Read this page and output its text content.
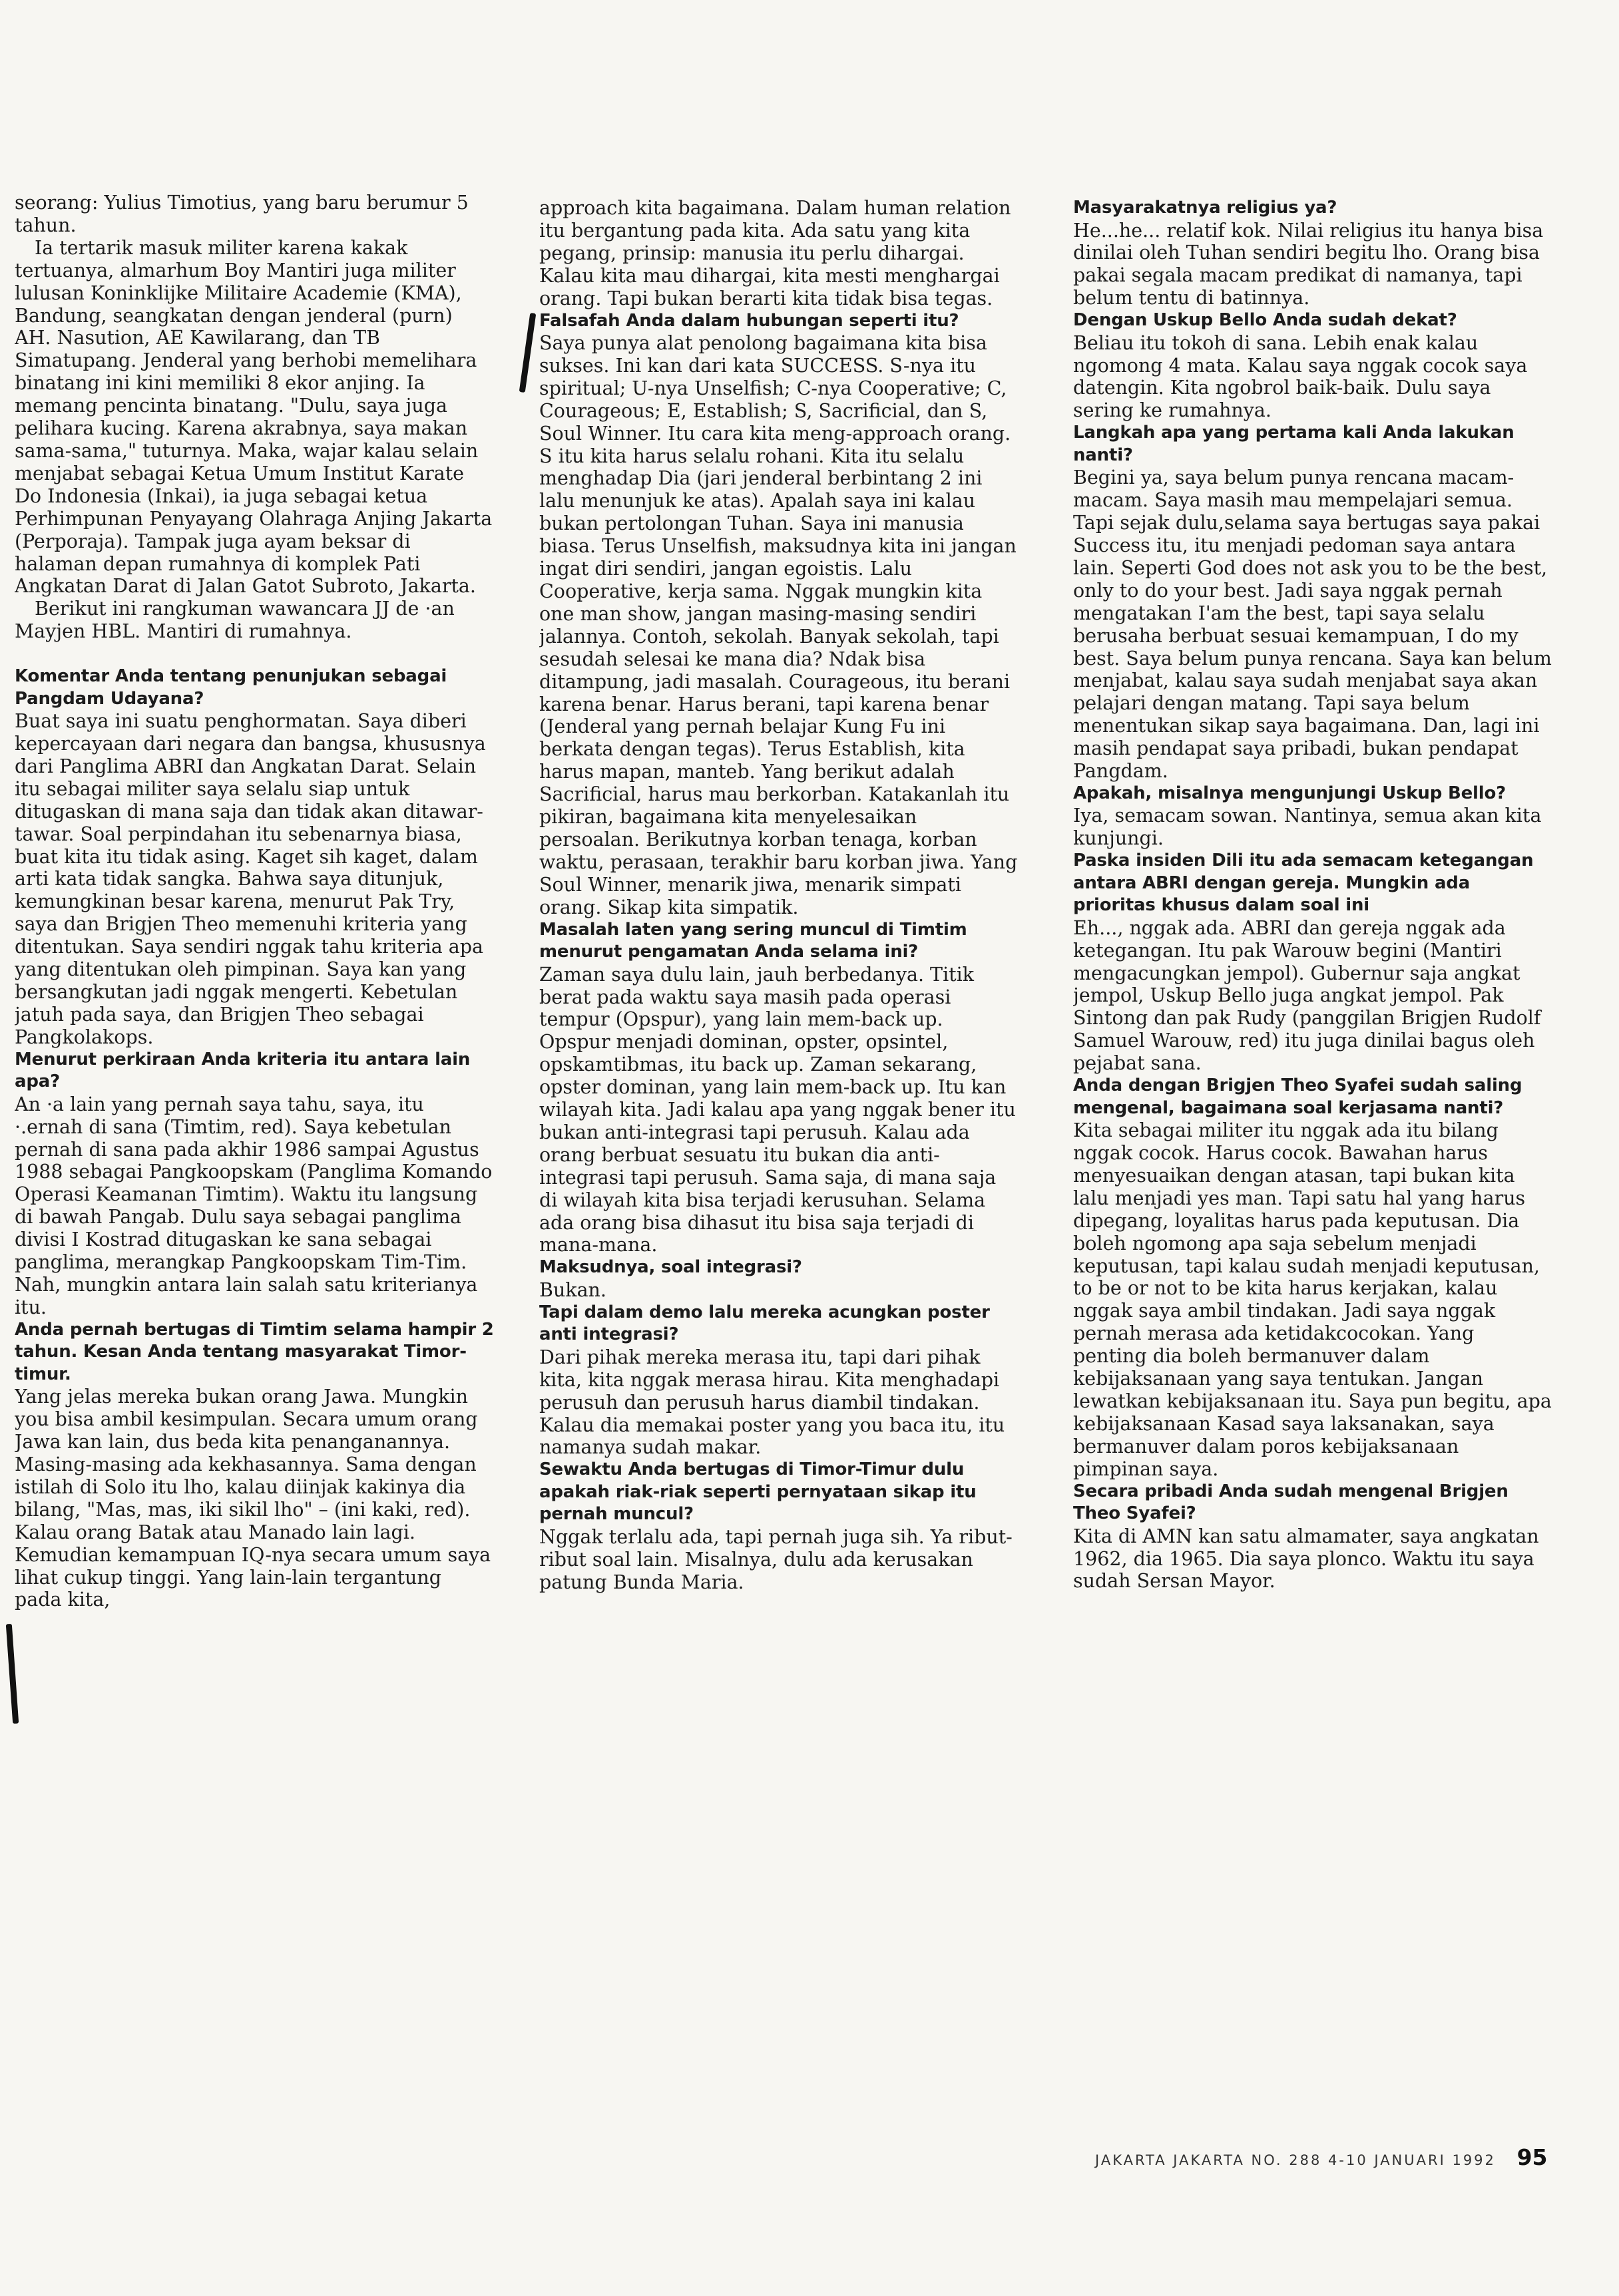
seorang: Yulius Timotius, yang baru berumur 5 tahun.

Ia tertarik masuk militer karena kakak tertuanya, almarhum Boy Mantiri juga militer lulusan Koninklijke Militaire Academie (KMA), Bandung, seangkatan dengan jenderal (purn) AH. Nasution, AE Kawilarang, dan TB Simatupang. Jenderal yang berhobi memelihara binatang ini kini memiliki 8 ekor anjing. Ia memang pencinta binatang. "Dulu, saya juga pelihara kucing. Karena akrabnya, saya makan sama-sama," tuturnya. Maka, wajar kalau selain menjabat sebagai Ketua Umum Institut Karate Do Indonesia (Inkai), ia juga sebagai ketua Perhimpunan Penyayang Olahraga Anjing Jakarta (Perporaja). Tampak juga ayam beksar di halaman depan rumahnya di komplek Pati Angkatan Darat di Jalan Gatot Subroto, Jakarta.

Berikut ini rangkuman wawancara JJ de ·an Mayjen HBL. Mantiri di rumahnya.

Komentar Anda tentang penunjukan sebagai Pangdam Udayana?

Buat saya ini suatu penghormatan. Saya diberi kepercayaan dari negara dan bangsa, khususnya dari Panglima ABRI dan Angkatan Darat. Selain itu sebagai militer saya selalu siap untuk ditugaskan di mana saja dan tidak akan ditawar-tawar. Soal perpindahan itu sebenarnya biasa, buat kita itu tidak asing. Kaget sih kaget, dalam arti kata tidak sangka. Bahwa saya ditunjuk, kemungkinan besar karena, menurut Pak Try, saya dan Brigjen Theo memenuhi kriteria yang ditentukan. Saya sendiri nggak tahu kriteria apa yang ditentukan oleh pimpinan. Saya kan yang bersangkutan jadi nggak mengerti. Kebetulan jatuh pada saya, dan Brigjen Theo sebagai Pangkolakops.

Menurut perkiraan Anda kriteria itu antara lain apa?

An ·a lain yang pernah saya tahu, saya, itu ·.ernah di sana (Timtim, red). Saya kebetulan pernah di sana pada akhir 1986 sampai Agustus 1988 sebagai Pangkoopskam (Panglima Komando Operasi Keamanan Timtim). Waktu itu langsung di bawah Pangab. Dulu saya sebagai panglima divisi I Kostrad ditugaskan ke sana sebagai panglima, merangkap Pangkoopskam Tim-Tim. Nah, mungkin antara lain salah satu kriterianya itu.

Anda pernah bertugas di Timtim selama hampir 2 tahun. Kesan Anda tentang masyarakat Timor-timur.

Yang jelas mereka bukan orang Jawa. Mungkin you bisa ambil kesimpulan. Secara umum orang Jawa kan lain, dus beda kita penanganannya. Masing-masing ada kekhasannya. Sama dengan istilah di Solo itu lho, kalau diinjak kakinya dia bilang, "Mas, mas, iki sikil lho" – (ini kaki, red). Kalau orang Batak atau Manado lain lagi. Kemudian kemampuan IQ-nya secara umum saya lihat cukup tinggi. Yang lain-lain tergantung pada kita,

approach kita bagaimana. Dalam human relation itu bergantung pada kita. Ada satu yang kita pegang, prinsip: manusia itu perlu dihargai. Kalau kita mau dihargai, kita mesti menghargai orang. Tapi bukan berarti kita tidak bisa tegas.

Falsafah Anda dalam hubungan seperti itu?

Saya punya alat penolong bagaimana kita bisa sukses. Ini kan dari kata SUCCESS. S-nya itu spiritual; U-nya Unselfish; C-nya Cooperative; C, Courageous; E, Establish; S, Sacrificial, dan S, Soul Winner. Itu cara kita meng-approach orang. S itu kita harus selalu rohani. Kita itu selalu menghadap Dia (jari jenderal berbintang 2 ini lalu menunjuk ke atas). Apalah saya ini kalau bukan pertolongan Tuhan. Saya ini manusia biasa. Terus Unselfish, maksudnya kita ini jangan ingat diri sendiri, jangan egoistis. Lalu Cooperative, kerja sama. Nggak mungkin kita one man show, jangan masing-masing sendiri jalannya. Contoh, sekolah. Banyak sekolah, tapi sesudah selesai ke mana dia? Ndak bisa ditampung, jadi masalah. Courageous, itu berani karena benar. Harus berani, tapi karena benar (Jenderal yang pernah belajar Kung Fu ini berkata dengan tegas). Terus Establish, kita harus mapan, manteb. Yang berikut adalah Sacrificial, harus mau berkorban. Katakanlah itu pikiran, bagaimana kita menyelesaikan persoalan. Berikutnya korban tenaga, korban waktu, perasaan, terakhir baru korban jiwa. Yang Soul Winner, menarik jiwa, menarik simpati orang. Sikap kita simpatik.

Masalah laten yang sering muncul di Timtim menurut pengamatan Anda selama ini?

Zaman saya dulu lain, jauh berbedanya. Titik berat pada waktu saya masih pada operasi tempur (Opspur), yang lain mem-back up. Opspur menjadi dominan, opster, opsintel, opskamtibmas, itu back up. Zaman sekarang, opster dominan, yang lain mem-back up. Itu kan wilayah kita. Jadi kalau apa yang nggak bener itu bukan anti-integrasi tapi perusuh. Kalau ada orang berbuat sesuatu itu bukan dia anti-integrasi tapi perusuh. Sama saja, di mana saja di wilayah kita bisa terjadi kerusuhan. Selama ada orang bisa dihasut itu bisa saja terjadi di mana-mana.

Maksudnya, soal integrasi?

Bukan.

Tapi dalam demo lalu mereka acungkan poster anti integrasi?

Dari pihak mereka merasa itu, tapi dari pihak kita, kita nggak merasa hirau. Kita menghadapi perusuh dan perusuh harus diambil tindakan. Kalau dia memakai poster yang you baca itu, itu namanya sudah makar.

Sewaktu Anda bertugas di Timor-Timur dulu apakah riak-riak seperti pernyataan sikap itu pernah muncul?

Nggak terlalu ada, tapi pernah juga sih. Ya ribut-ribut soal lain. Misalnya, dulu ada kerusakan patung Bunda Maria.

Masyarakatnya religius ya?

He...he... relatif kok. Nilai religius itu hanya bisa dinilai oleh Tuhan sendiri begitu lho. Orang bisa pakai segala macam predikat di namanya, tapi belum tentu di batinnya.

Dengan Uskup Bello Anda sudah dekat?

Beliau itu tokoh di sana. Lebih enak kalau ngomong 4 mata. Kalau saya nggak cocok saya datengin. Kita ngobrol baik-baik. Dulu saya sering ke rumahnya.

Langkah apa yang pertama kali Anda lakukan nanti?

Begini ya, saya belum punya rencana macam-macam. Saya masih mau mempelajari semua. Tapi sejak dulu,selama saya bertugas saya pakai Success itu, itu menjadi pedoman saya antara lain. Seperti God does not ask you to be the best, only to do your best. Jadi saya nggak pernah mengatakan I'am the best, tapi saya selalu berusaha berbuat sesuai kemampuan, I do my best. Saya belum punya rencana. Saya kan belum menjabat, kalau saya sudah menjabat saya akan pelajari dengan matang. Tapi saya belum menentukan sikap saya bagaimana. Dan, lagi ini masih pendapat saya pribadi, bukan pendapat Pangdam.

Apakah, misalnya mengunjungi Uskup Bello?

Iya, semacam sowan. Nantinya, semua akan kita kunjungi.

Paska insiden Dili itu ada semacam ketegangan antara ABRI dengan gereja. Mungkin ada prioritas khusus dalam soal ini

Eh..., nggak ada. ABRI dan gereja nggak ada ketegangan. Itu pak Warouw begini (Mantiri mengacungkan jempol). Gubernur saja angkat jempol, Uskup Bello juga angkat jempol. Pak Sintong dan pak Rudy (panggilan Brigjen Rudolf Samuel Warouw, red) itu juga dinilai bagus oleh pejabat sana.

Anda dengan Brigjen Theo Syafei sudah saling mengenal, bagaimana soal kerjasama nanti?

Kita sebagai militer itu nggak ada itu bilang nggak cocok. Harus cocok. Bawahan harus menyesuaikan dengan atasan, tapi bukan kita lalu menjadi yes man. Tapi satu hal yang harus dipegang, loyalitas harus pada keputusan. Dia boleh ngomong apa saja sebelum menjadi keputusan, tapi kalau sudah menjadi keputusan, to be or not to be kita harus kerjakan, kalau nggak saya ambil tindakan. Jadi saya nggak pernah merasa ada ketidakcocokan. Yang penting dia boleh bermanuver dalam kebijaksanaan yang saya tentukan. Jangan lewatkan kebijaksanaan itu. Saya pun begitu, apa kebijaksanaan Kasad saya laksanakan, saya bermanuver dalam poros kebijaksanaan pimpinan saya.

Secara pribadi Anda sudah mengenal Brigjen Theo Syafei?

Kita di AMN kan satu almamater, saya angkatan 1962, dia 1965. Dia saya plonco. Waktu itu saya sudah Sersan Mayor.

JAKARTA JAKARTA NO. 288 4-10 JANUARI 1992 95
